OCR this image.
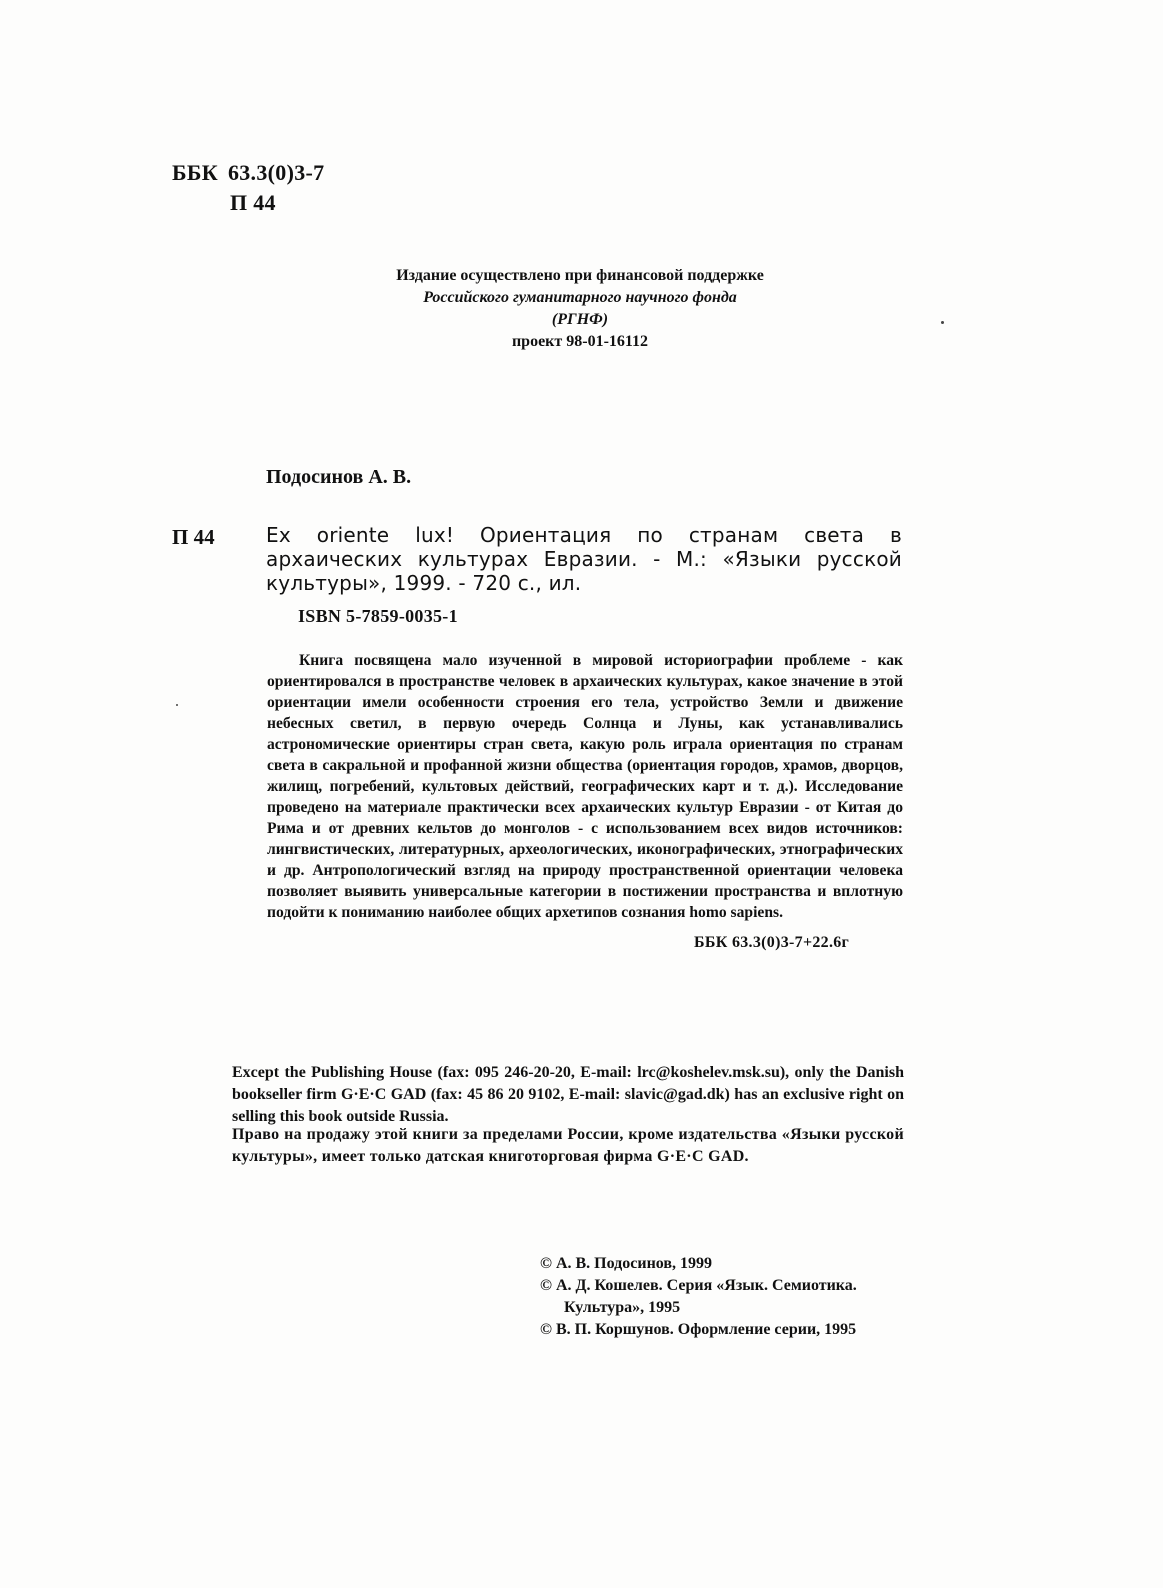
ББК 63.3(0)3-7
П 44
Издание осуществлено при финансовой поддержке
Российского гуманитарного научного фонда
(РГНФ)
проект 98-01-16112
Подосинов А. В.
П 44	Ex oriente lux! Ориентация по странам света в архаических культурах Евразии. - М.: «Языки русской культуры», 1999. - 720 с., ил.
ISBN 5-7859-0035-1
Книга посвящена мало изученной в мировой историографии проблеме - как ориентировался в пространстве человек в архаических культурах, какое значение в этой ориентации имели особенности строения его тела, устройство Земли и движение небесных светил, в первую очередь Солнца и Луны, как устанавливались астрономические ориентиры стран света, какую роль играла ориентация по странам света в сакральной и профанной жизни общества (ориентация городов, храмов, дворцов, жилищ, погребений, культовых действий, географических карт и т. д.). Исследование проведено на материале практически всех архаических культур Евразии - от Китая до Рима и от древних кельтов до монголов - с использованием всех видов источников: лингвистических, литературных, археологических, иконографических, этнографических и др. Антропологический взгляд на природу пространственной ориентации человека позволяет выявить универсальные категории в постижении пространства и вплотную подойти к пониманию наиболее общих архетипов сознания homo sapiens.
ББК 63.3(0)3-7+22.6г
Except the Publishing House (fax: 095 246-20-20, E-mail: lrc@koshelev.msk.su), only the Danish bookseller firm G·E·C GAD (fax: 45 86 20 9102, E-mail: slavic@gad.dk) has an exclusive right on selling this book outside Russia.
Право на продажу этой книги за пределами России, кроме издательства «Языки русской культуры», имеет только датская книготорговая фирма G·E·C GAD.
© А. В. Подосинов, 1999
© А. Д. Кошелев. Серия «Язык. Семиотика.
Культура», 1995
© В. П. Коршунов. Оформление серии, 1995
